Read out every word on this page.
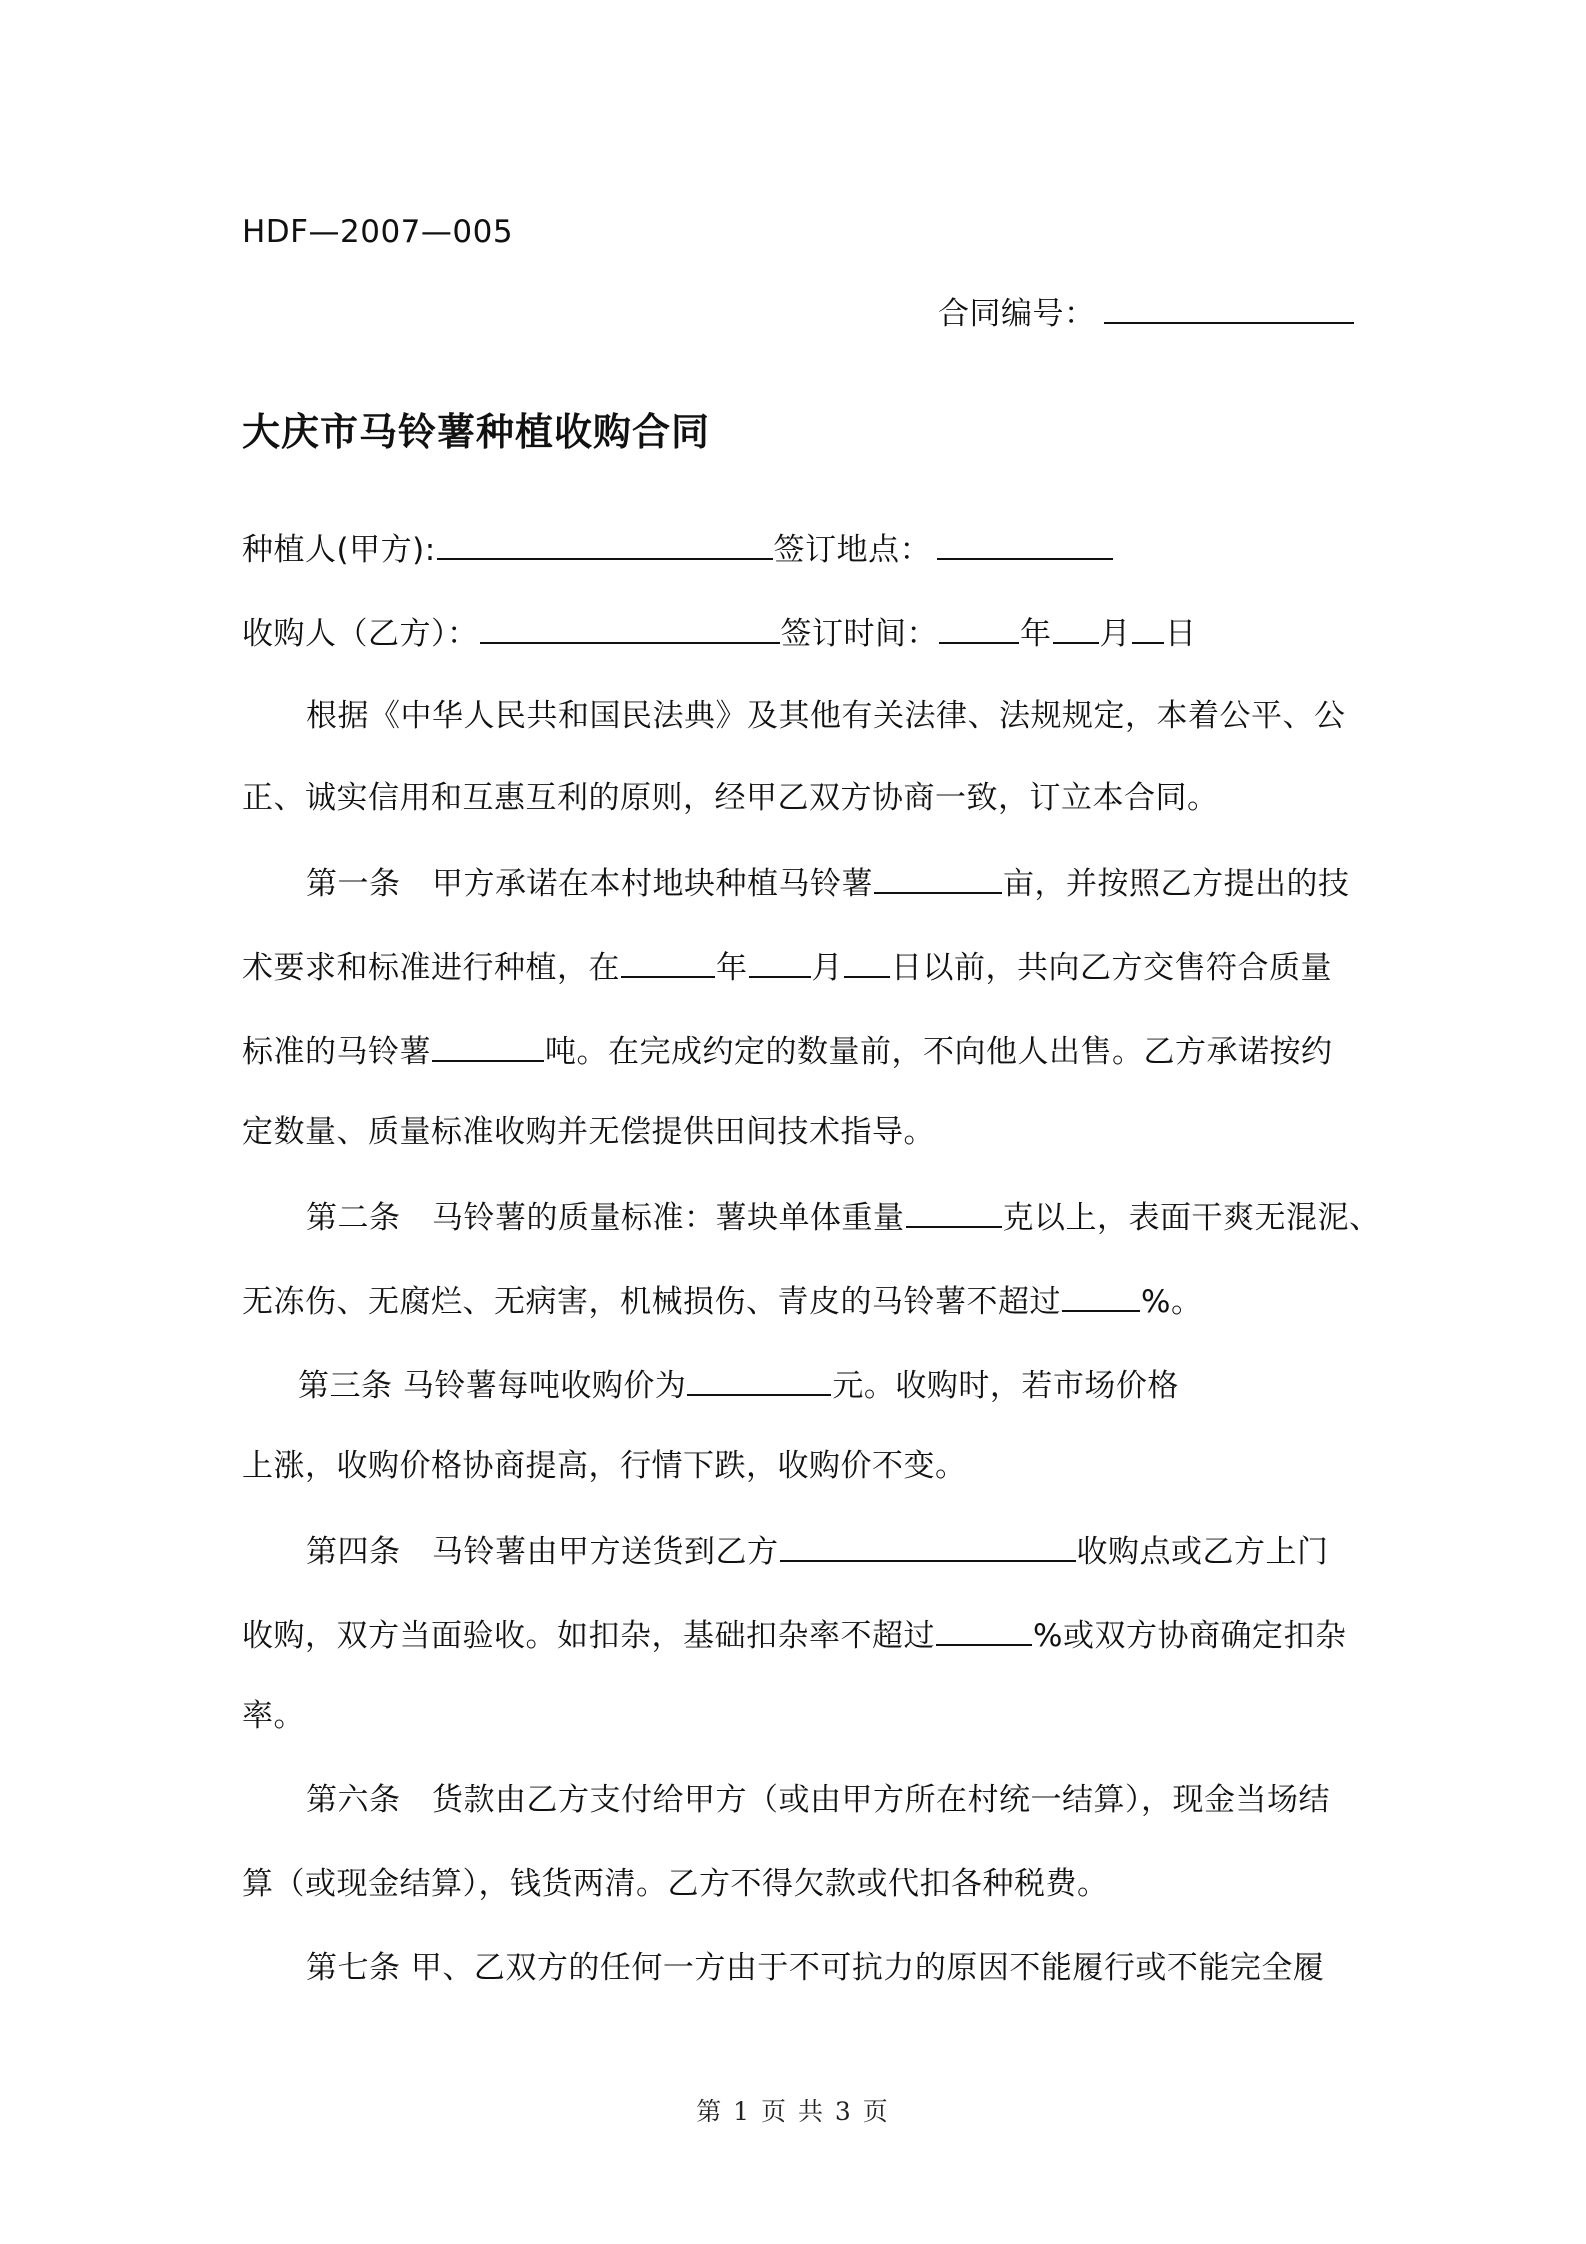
HDF—2007—005
合同编号：
大庆市马铃薯种植收购合同
种植人(甲方):	签订地点：
收购人（乙方）：	签订时间：	年 月 日
根据《中华人民共和国民法典》及其他有关法律、法规规定，本着公平、公
正、诚实信用和互惠互利的原则，经甲乙双方协商一致，订立本合同。
第一条　甲方承诺在本村地块种植马铃薯	亩，并按照乙方提出的技
术要求和标准进行种植，在	年 月 日以前，共向乙方交售符合质量
标准的马铃薯	吨。在完成约定的数量前，不向他人出售。乙方承诺按约
定数量、质量标准收购并无偿提供田间技术指导。
第二条　马铃薯的质量标准：薯块单体重量	克以上，表面干爽无混泥、
无冻伤、无腐烂、无病害，机械损伤、青皮的马铃薯不超过	%。
第三条 马铃薯每吨收购价为	元。收购时，若市场价格
上涨，收购价格协商提高，行情下跌，收购价不变。
第四条　马铃薯由甲方送货到乙方	收购点或乙方上门
收购，双方当面验收。如扣杂，基础扣杂率不超过	%或双方协商确定扣杂
率。
第六条　货款由乙方支付给甲方（或由甲方所在村统一结算），现金当场结
算（或现金结算），钱货两清。乙方不得欠款或代扣各种税费。
第七条 甲、乙双方的任何一方由于不可抗力的原因不能履行或不能完全履
第 1 页 共 3 页
